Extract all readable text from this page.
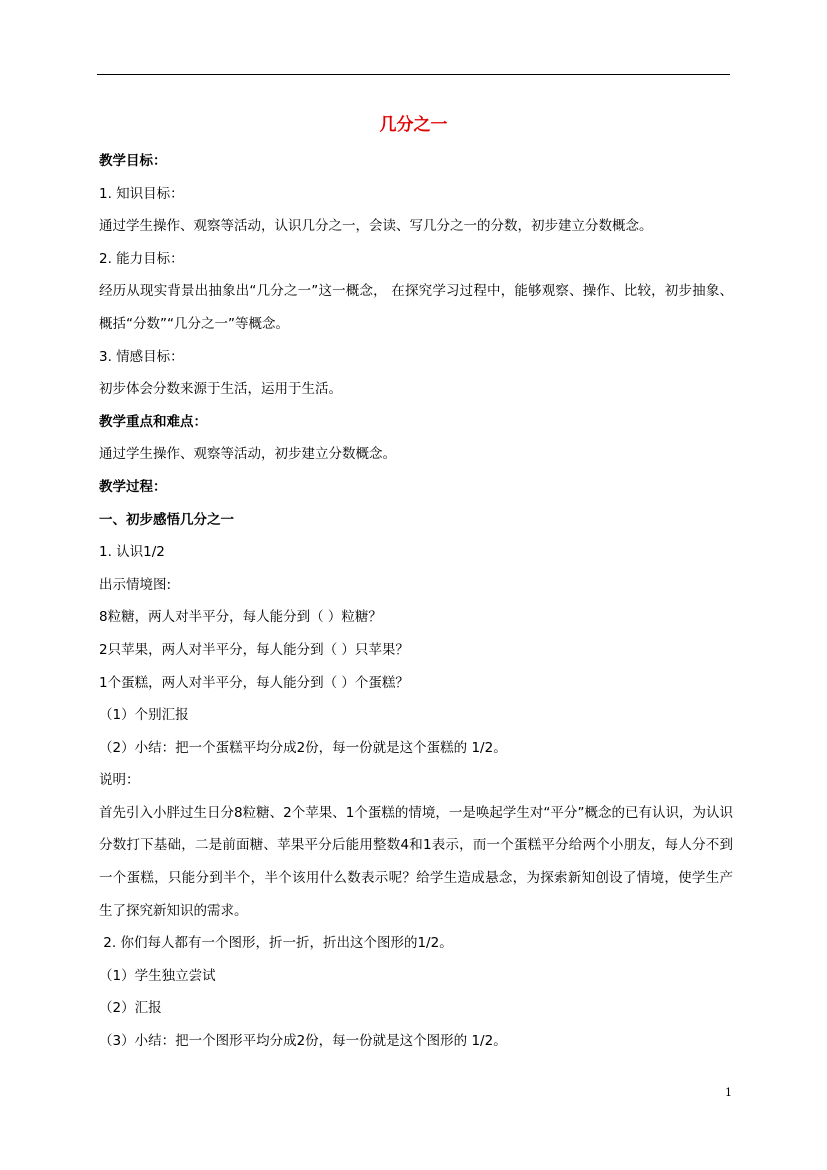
几分之一
教学目标：
1. 知识目标：
通过学生操作、观察等活动，认识几分之一，会读、写几分之一的分数，初步建立分数概念。
2. 能力目标：
经历从现实背景出抽象出“几分之一”这一概念， 在探究学习过程中，能够观察、操作、比较，初步抽象、概括“分数”“几分之一”等概念。
3. 情感目标：
初步体会分数来源于生活，运用于生活。
教学重点和难点：
通过学生操作、观察等活动，初步建立分数概念。
教学过程：
一、初步感悟几分之一
1. 认识1/2
出示情境图:
8粒糖，两人对半平分，每人能分到（ ）粒糖？
2只苹果，两人对半平分，每人能分到（ ）只苹果？
1个蛋糕，两人对半平分，每人能分到（ ）个蛋糕？
（1）个别汇报
（2）小结：把一个蛋糕平均分成2份，每一份就是这个蛋糕的 1/2。
说明：
首先引入小胖过生日分8粒糖、2个苹果、1个蛋糕的情境，一是唤起学生对“平分”概念的已有认识，为认识分数打下基础，二是前面糖、苹果平分后能用整数4和1表示，而一个蛋糕平分给两个小朋友，每人分不到一个蛋糕，只能分到半个，半个该用什么数表示呢？给学生造成悬念，为探索新知创设了情境，使学生产生了探究新知识的需求。
2. 你们每人都有一个图形，折一折，折出这个图形的1/2。
（1）学生独立尝试
（2）汇报
（3）小结：把一个图形平均分成2份，每一份就是这个图形的 1/2。
1
